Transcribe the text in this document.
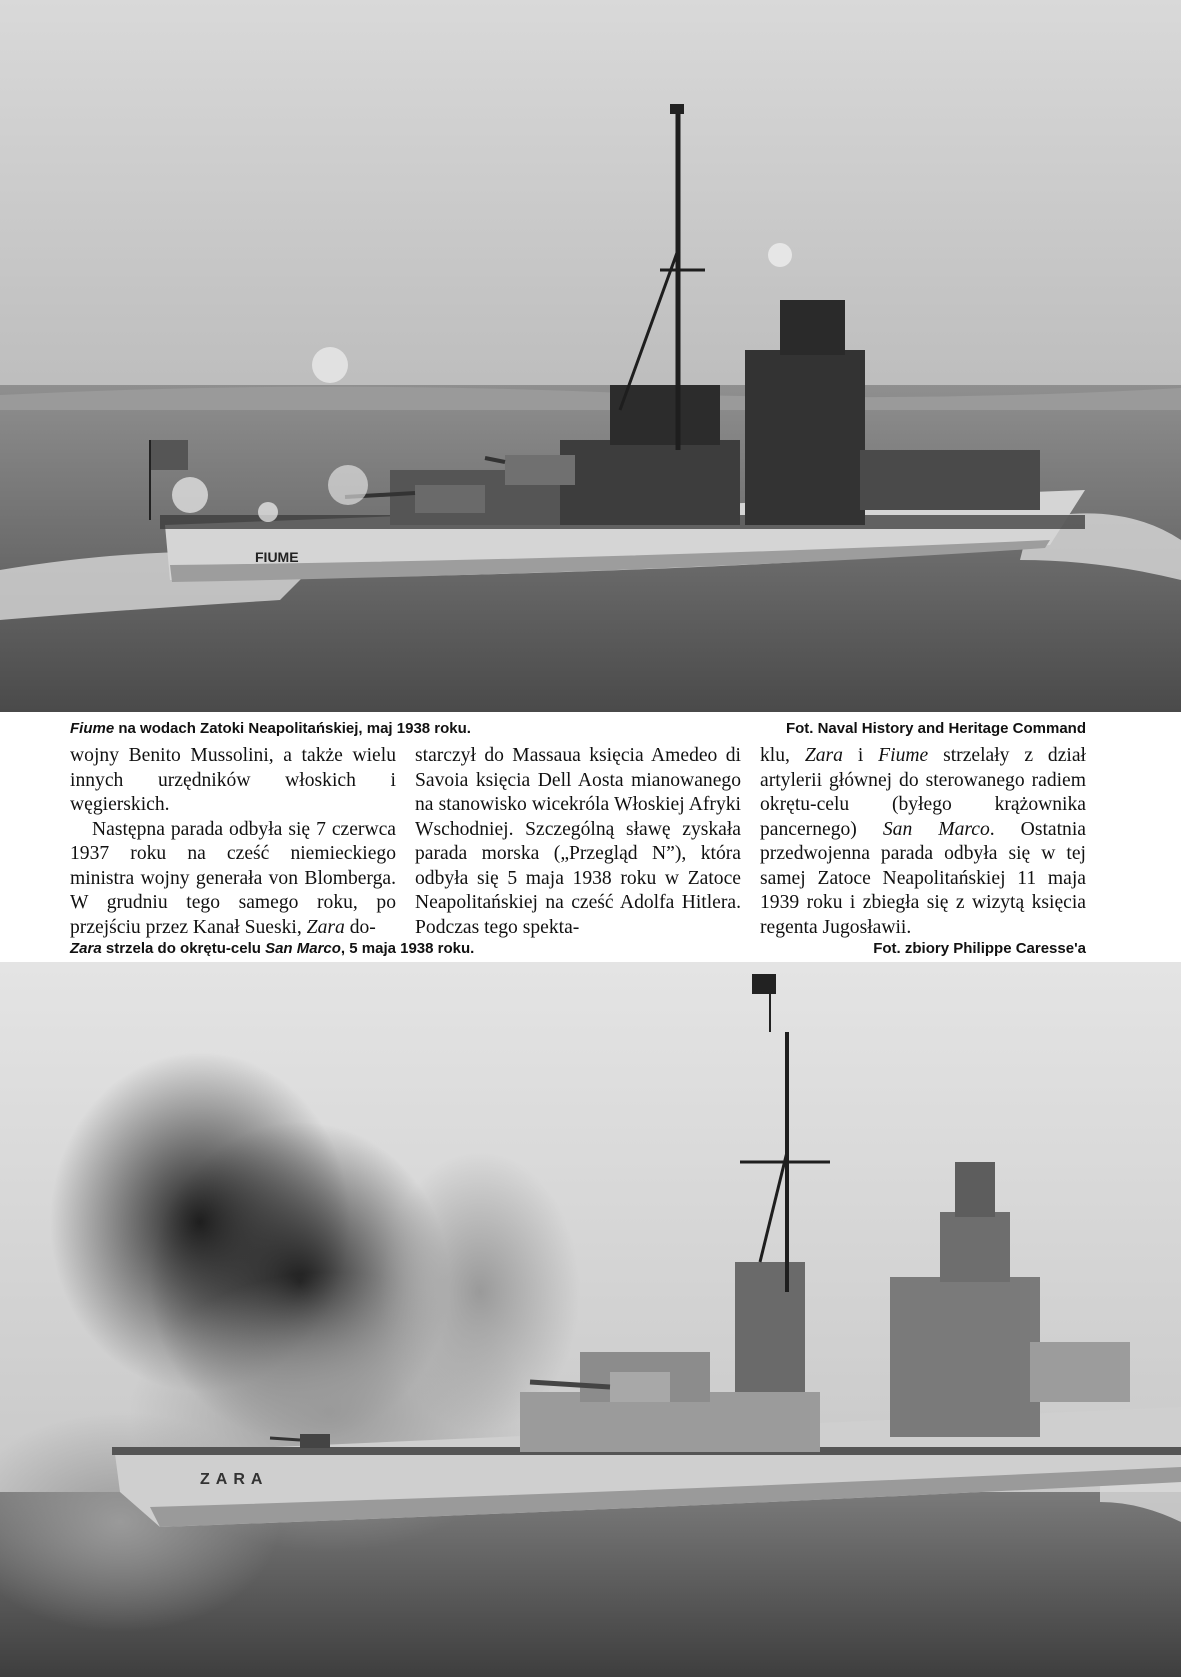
FIUME
Fiume na wodach Zatoki Neapolitańskiej, maj 1938 roku.	Fot. Naval History and Heritage Command

wojny Benito Mussolini, a także wielu innych urzędników włoskich i węgierskich.

Następna parada odbyła się 7 czerwca 1937 roku na cześć niemieckiego ministra wojny generała von Blomberga. W grudniu tego samego roku, po przejściu przez Kanał Sueski, Zara do-

starczył do Massaua księcia Amedeo di Savoia księcia Dell Aosta mianowanego na stanowisko wicekróla Włoskiej Afryki Wschodniej. Szczególną sławę zyskała parada morska („Przegląd N”), która odbyła się 5 maja 1938 roku w Zatoce Neapolitańskiej na cześć Adolfa Hitlera. Podczas tego spekta-

klu, Zara i Fiume strzelały z dział artylerii głównej do sterowanego radiem okrętu-celu (byłego krążownika pancernego) San Marco. Ostatnia przedwojenna parada odbyła się w tej samej Zatoce Neapolitańskiej 11 maja 1939 roku i zbiegła się z wizytą księcia regenta Jugosławii.

Zara strzela do okrętu-celu San Marco, 5 maja 1938 roku.	Fot. zbiory Philippe Caresse'a
ZARA
